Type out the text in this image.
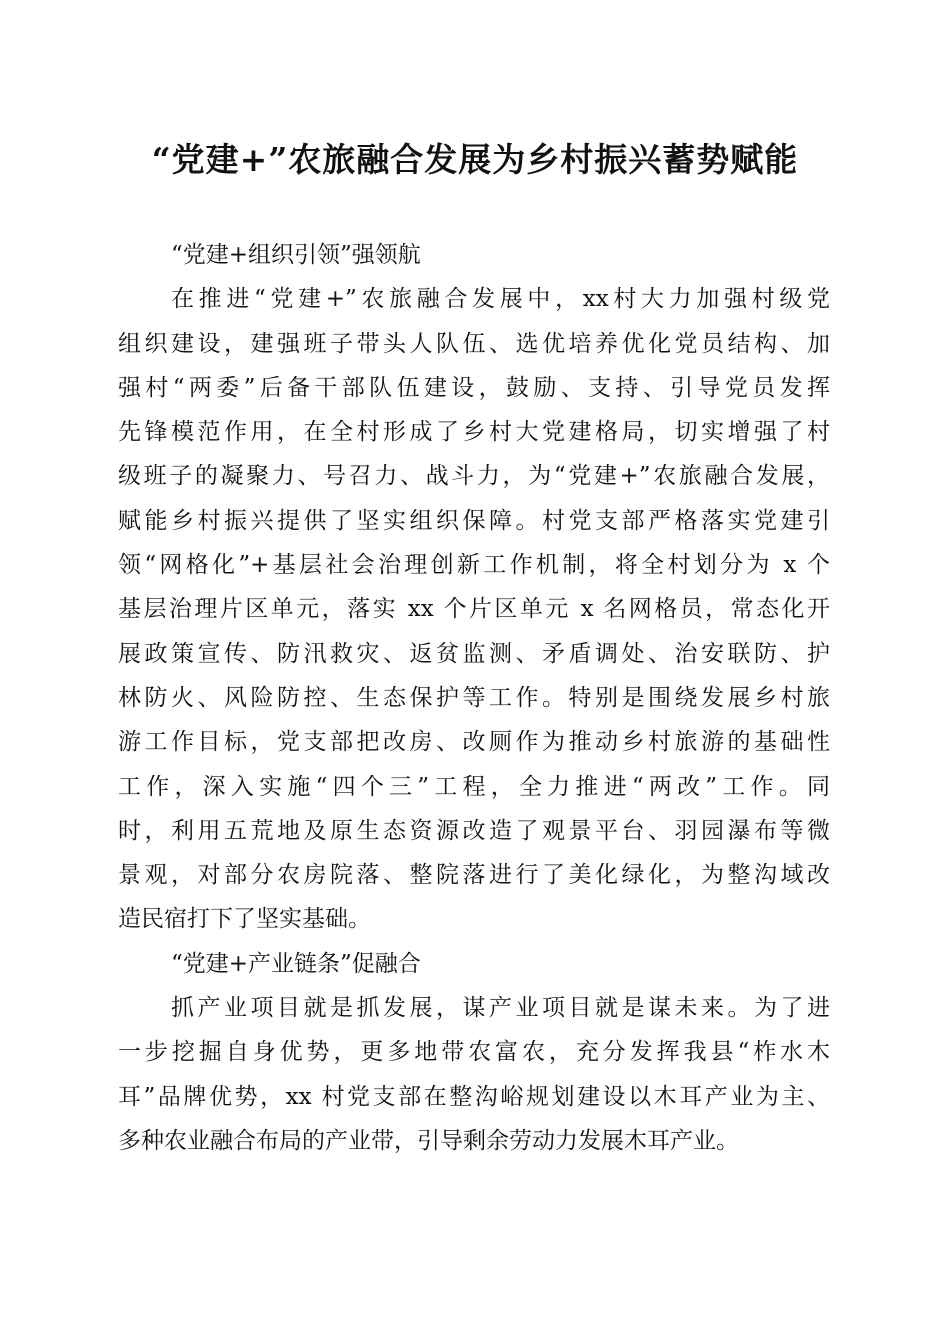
“党建+”农旅融合发展为乡村振兴蓄势赋能
“党建+组织引领”强领航
在推进“党建+”农旅融合发展中，xx村大力加强村级党
组织建设，建强班子带头人队伍、选优培养优化党员结构、加
强村“两委”后备干部队伍建设，鼓励、支持、引导党员发挥
先锋模范作用，在全村形成了乡村大党建格局，切实增强了村
级班子的凝聚力、号召力、战斗力，为“党建+”农旅融合发展，
赋能乡村振兴提供了坚实组织保障。村党支部严格落实党建引
领“网格化”+基层社会治理创新工作机制，将全村划分为 x 个
基层治理片区单元，落实 xx 个片区单元 x 名网格员，常态化开
展政策宣传、防汛救灾、返贫监测、矛盾调处、治安联防、护
林防火、风险防控、生态保护等工作。特别是围绕发展乡村旅
游工作目标，党支部把改房、改厕作为推动乡村旅游的基础性
工作，深入实施“四个三”工程，全力推进“两改”工作。同
时，利用五荒地及原生态资源改造了观景平台、羽园瀑布等微
景观，对部分农房院落、整院落进行了美化绿化，为整沟域改
造民宿打下了坚实基础。
“党建+产业链条”促融合
抓产业项目就是抓发展，谋产业项目就是谋未来。为了进
一步挖掘自身优势，更多地带农富农，充分发挥我县“柞水木
耳”品牌优势，xx 村党支部在整沟峪规划建设以木耳产业为主、
多种农业融合布局的产业带，引导剩余劳动力发展木耳产业。
